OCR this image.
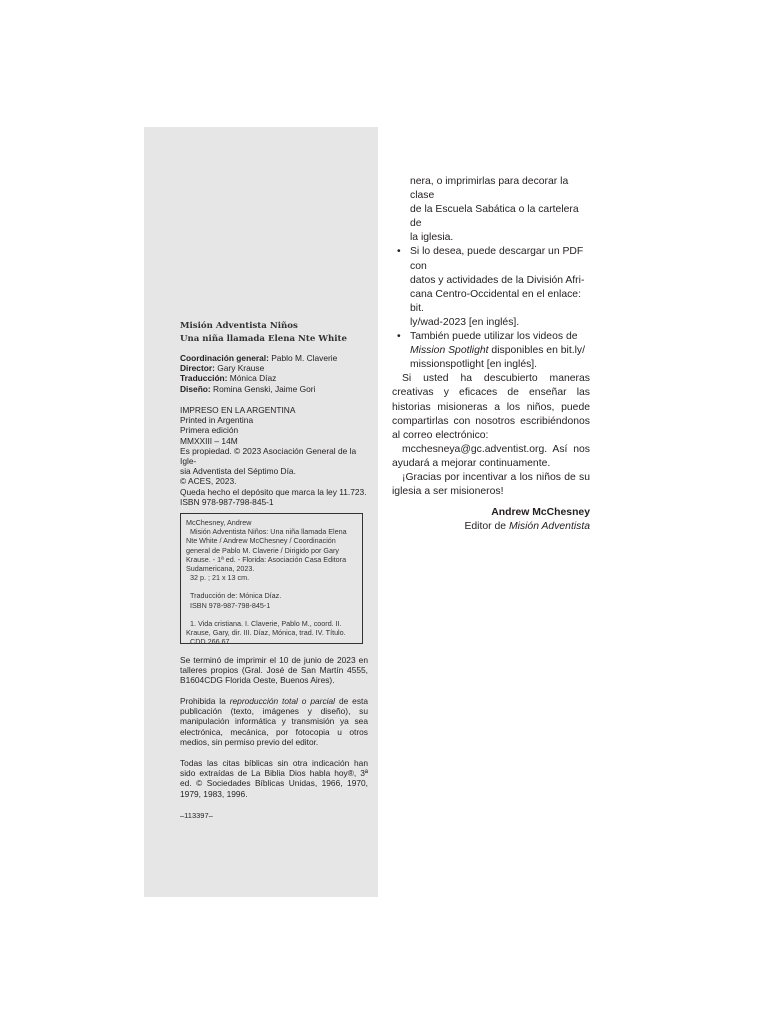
Misión Adventista Niños
Una niña llamada Elena Nte White
Coordinación general: Pablo M. Claverie
Director: Gary Krause
Traducción: Mónica Díaz
Diseño: Romina Genski, Jaime Gori
IMPRESO EN LA ARGENTINA
Printed in Argentina
Primera edición
MMXXIII – 14M
Es propiedad. © 2023 Asociación General de la Igle-
sia Adventista del Séptimo Día.
© ACES, 2023.
Queda hecho el depósito que marca la ley 11.723.
ISBN 978-987-798-845-1
McChesney, Andrew
Misión Adventista Niños: Una niña llamada Elena
Nte White / Andrew McChesney / Coordinación
general de Pablo M. Claverie / Dirigido por Gary
Krause. - 1ª ed. - Florida: Asociación Casa Editora
Sudamericana, 2023.
32 p. ; 21 x 13 cm.
Traducción de: Mónica Díaz.
ISBN 978-987-798-845-1
1. Vida cristiana. I. Claverie, Pablo M., coord. II.
Krause, Gary, dir. III. Díaz, Mónica, trad. IV. Título.
CDD 266.67
Se terminó de imprimir el 10 de junio de 2023 en talleres propios (Gral. José de San Martín 4555, B1604CDG Florida Oeste, Buenos Aires).
Prohibida la reproducción total o parcial de esta publicación (texto, imágenes y diseño), su manipulación informática y transmisión ya sea electrónica, mecánica, por fotocopia u otros medios, sin permiso previo del editor.
Todas las citas bíblicas sin otra indicación han sido extraídas de La Biblia Dios habla hoy®, 3ª ed. © Sociedades Bíblicas Unidas, 1966, 1970, 1979, 1983, 1996.
–113397–
nera, o imprimirlas para decorar la clase
de la Escuela Sabática o la cartelera de
la iglesia.
• Si lo desea, puede descargar un PDF con
datos y actividades de la División Afri-
cana Centro-Occidental en el enlace: bit.
ly/wad-2023 [en inglés].
• También puede utilizar los videos de
Mission Spotlight disponibles en bit.ly/
missionspotlight [en inglés].

Si usted ha descubierto maneras creativas y eficaces de enseñar las historias misioneras a los niños, puede compartirlas con nosotros escribiéndonos al correo electrónico:

mcchesneya@gc.adventist.org. Así nos ayudará a mejorar continuamente.

¡Gracias por incentivar a los niños de su iglesia a ser misioneros!

Andrew McChesney

Editor de Misión Adventista
